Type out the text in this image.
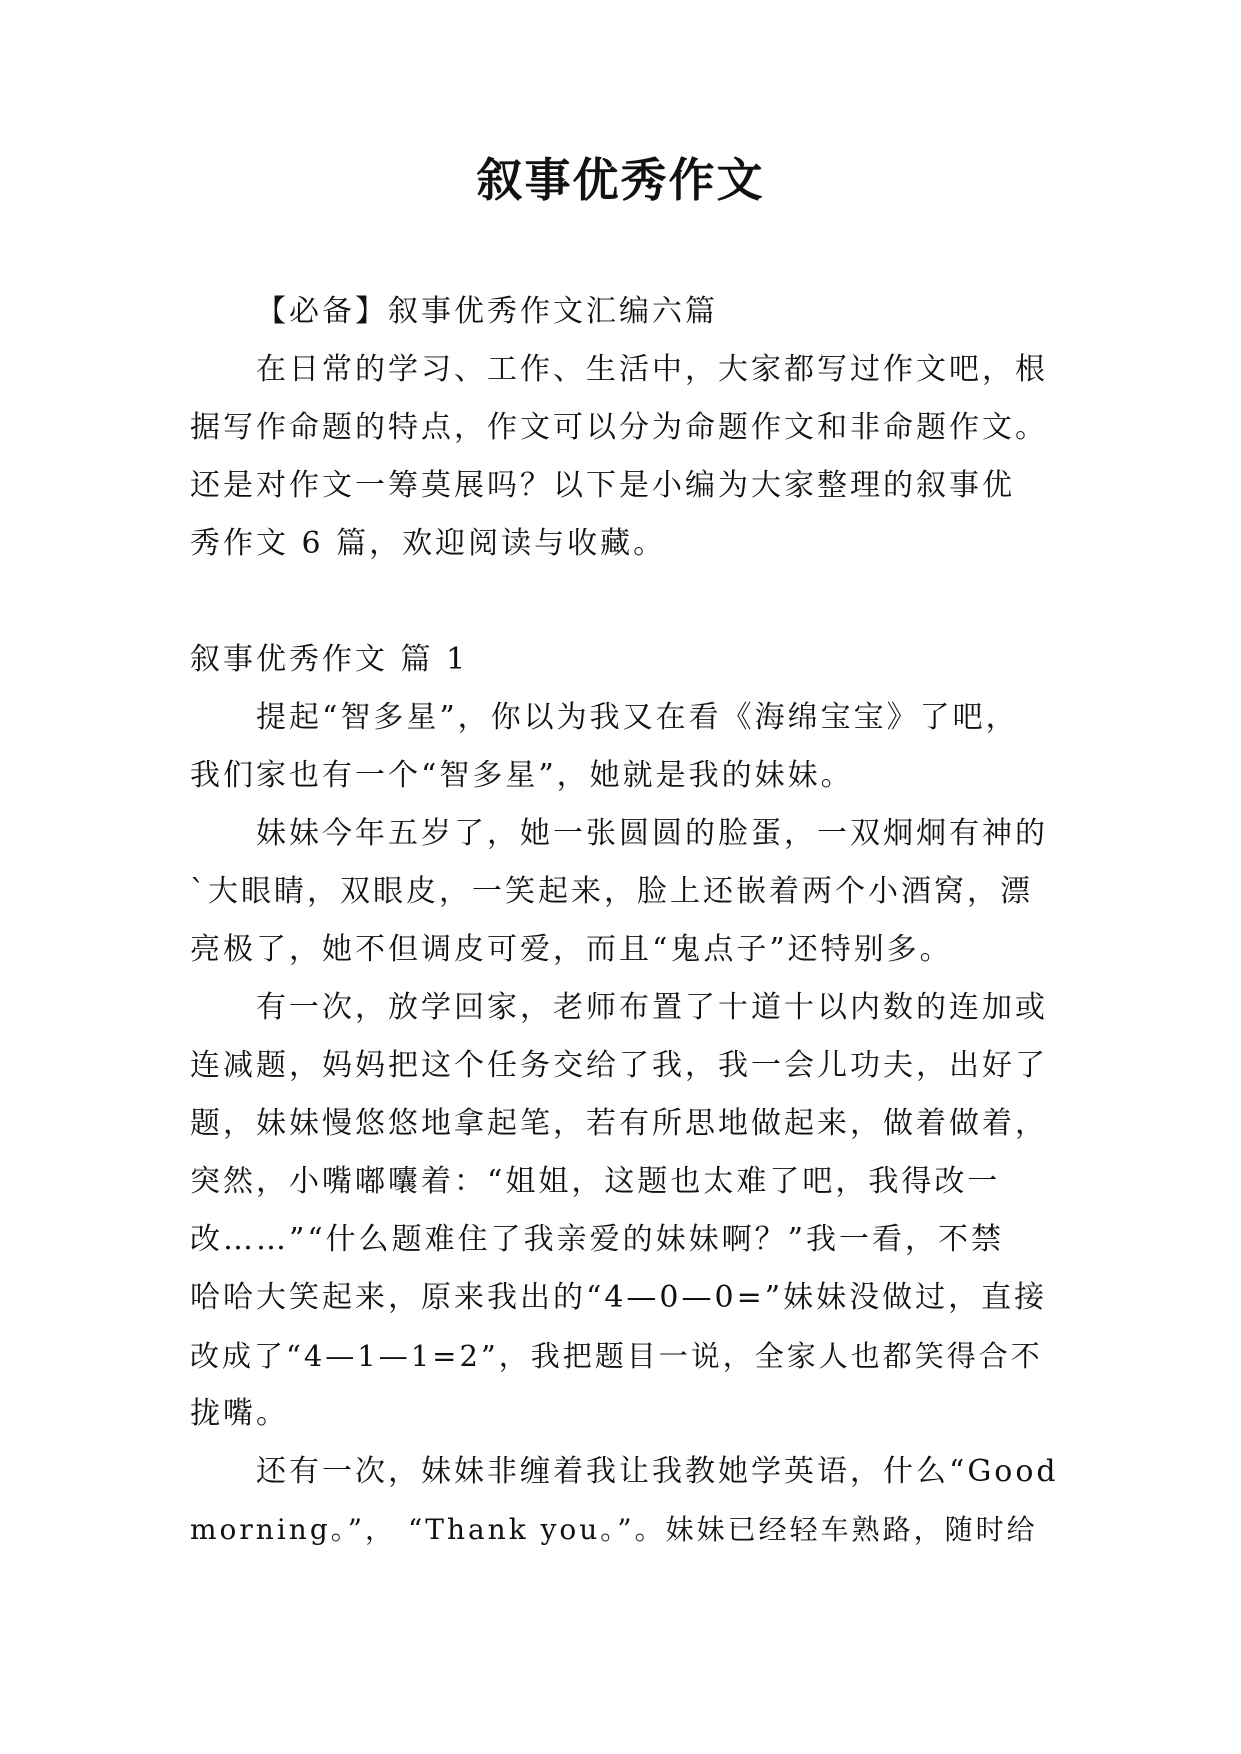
叙事优秀作文
【必备】叙事优秀作文汇编六篇
在日常的学习、工作、生活中，大家都写过作文吧，根
据写作命题的特点，作文可以分为命题作文和非命题作文。
还是对作文一筹莫展吗？以下是小编为大家整理的叙事优
秀作文 6 篇，欢迎阅读与收藏。
叙事优秀作文 篇 1
提起“智多星”，你以为我又在看《海绵宝宝》了吧，
我们家也有一个“智多星”，她就是我的妹妹。
妹妹今年五岁了，她一张圆圆的脸蛋，一双炯炯有神的
`大眼睛，双眼皮，一笑起来，脸上还嵌着两个小酒窝，漂
亮极了，她不但调皮可爱，而且“鬼点子”还特别多。
有一次，放学回家，老师布置了十道十以内数的连加或
连减题，妈妈把这个任务交给了我，我一会儿功夫，出好了
题，妹妹慢悠悠地拿起笔，若有所思地做起来，做着做着，
突然，小嘴嘟囔着：“姐姐，这题也太难了吧，我得改一
改……”“什么题难住了我亲爱的妹妹啊？”我一看，不禁
哈哈大笑起来，原来我出的“4—0—0=”妹妹没做过，直接
改成了“4—1—1=2”，我把题目一说，全家人也都笑得合不
拢嘴。
还有一次，妹妹非缠着我让我教她学英语，什么“Good
morning。”， “Thank you。”。妹妹已经轻车熟路，随时给
